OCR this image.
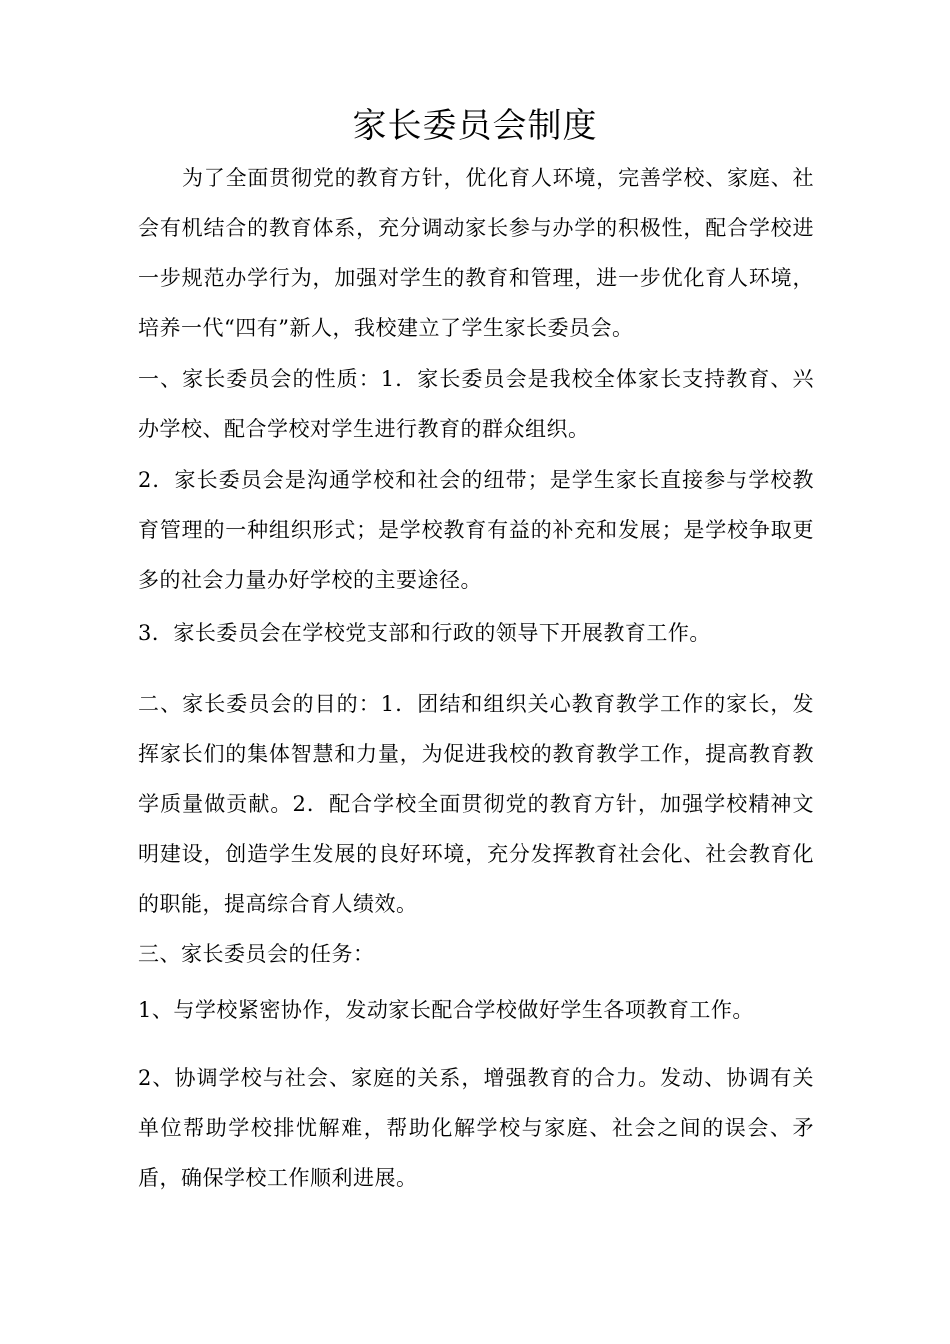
家长委员会制度

为了全面贯彻党的教育方针，优化育人环境，完善学校、家庭、社会有机结合的教育体系，充分调动家长参与办学的积极性，配合学校进一步规范办学行为，加强对学生的教育和管理，进一步优化育人环境，培养一代“四有”新人，我校建立了学生家长委员会。

一、家长委员会的性质：1．家长委员会是我校全体家长支持教育、兴办学校、配合学校对学生进行教育的群众组织。

2．家长委员会是沟通学校和社会的纽带；是学生家长直接参与学校教育管理的一种组织形式；是学校教育有益的补充和发展；是学校争取更多的社会力量办好学校的主要途径。

3．家长委员会在学校党支部和行政的领导下开展教育工作。

二、家长委员会的目的：1．团结和组织关心教育教学工作的家长，发挥家长们的集体智慧和力量，为促进我校的教育教学工作，提高教育教学质量做贡献。2．配合学校全面贯彻党的教育方针，加强学校精神文明建设，创造学生发展的良好环境，充分发挥教育社会化、社会教育化的职能，提高综合育人绩效。

三、家长委员会的任务：

1、与学校紧密协作，发动家长配合学校做好学生各项教育工作。

2、协调学校与社会、家庭的关系，增强教育的合力。发动、协调有关单位帮助学校排忧解难，帮助化解学校与家庭、社会之间的误会、矛盾，确保学校工作顺利进展。
